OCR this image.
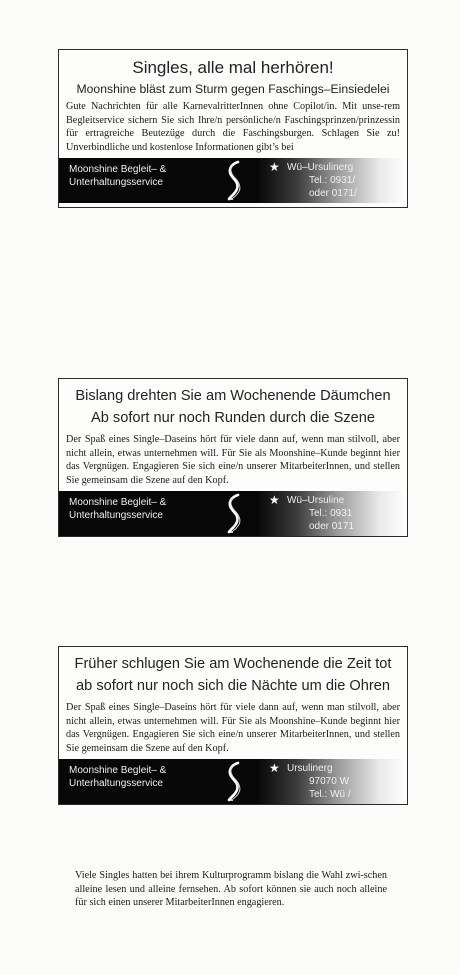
Singles, alle mal herhören!
Moonshine bläst zum Sturm gegen Faschings–Einsiedelei

Gute Nachrichten für alle KarnevalritterInnen ohne Copilot/in. Mit unse-rem Begleitservice sichern Sie sich Ihre/n persönliche/n Faschingsprinzen/prinzessin für ertragreiche Beutezüge durch die Faschingsburgen. Schlagen Sie zu! Unverbindliche und kostenlose Informationen gibt’s bei

Moonshine Begleit– &
Unterhaltungsservice
★ Wü–Ursulinerg
Tel.: 0931/
oder 0171/
Bislang drehten Sie am Wochenende Däumchen
Ab sofort nur noch Runden durch die Szene

Der Spaß eines Single–Daseins hört für viele dann auf, wenn man stilvoll, aber nicht allein, etwas unternehmen will. Für Sie als Moonshine–Kunde beginnt hier das Vergnügen. Engagieren Sie sich eine/n unserer MitarbeiterInnen, und stellen Sie gemeinsam die Szene auf den Kopf.

Moonshine Begleit– &
Unterhaltungsservice
★ Wü–Ursuline
Tel.: 0931
oder 0171
Früher schlugen Sie am Wochenende die Zeit tot
ab sofort nur noch sich die Nächte um die Ohren

Der Spaß eines Single–Daseins hört für viele dann auf, wenn man stilvoll, aber nicht allein, etwas unternehmen will. Für Sie als Moonshine–Kunde beginnt hier das Vergnügen. Engagieren Sie sich eine/n unserer MitarbeiterInnen, und stellen Sie gemeinsam die Szene auf den Kopf.

Moonshine Begleit– &
Unterhaltungsservice
★ Ursulinerg
97070 W
Tel.: Wü /

Viele Singles hatten bei ihrem Kulturprogramm bislang die Wahl zwi-schen alleine lesen und alleine fernsehen. Ab sofort können sie auch noch alleine für sich einen unserer MitarbeiterInnen engagieren.
